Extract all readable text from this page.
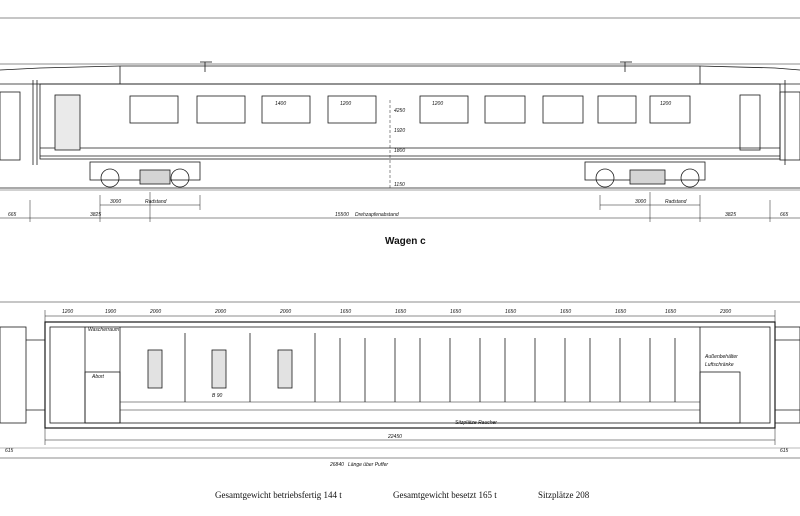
Radstand	Radstand
3000	3000
665	665
3825	3825
15500 Drehzapfenabstand
1400	1200	1200	1200
4250
1920
1800
1150
Wagen c
Wascherraum
Abort
Außenbehälter
Luftschränke
Sitzplätze Raucher
B 90
22450
26840 Länge über Puffer
615	615
1200	1900	2000	2000	2000	1650	1650	1650	1650	1650	1650	1650	2300
Gesamtgewicht betriebsfertig 144 t	Gesamtgewicht besetzt 165 t	Sitzplätze 208
